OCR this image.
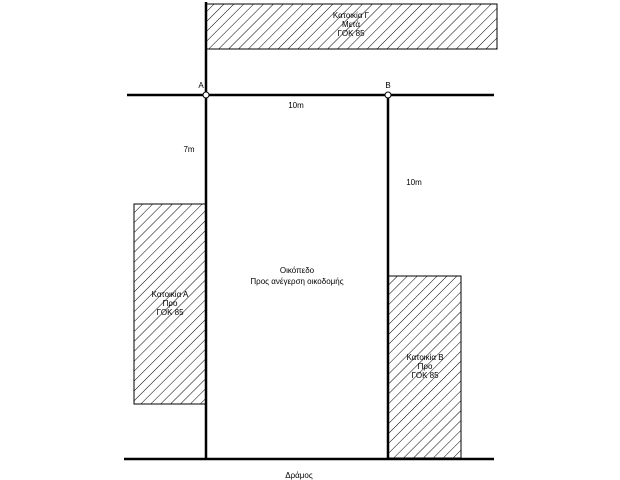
A	B
10m
7m
10m
Κατοικία Γ
Μετά
ΓΟΚ 85
Κατοικία Α
Προ
ΓΟΚ 85
Κατοικία Β
Προ
ΓΟΚ 85
Οικόπεδο
Προς ανέγερση οικοδομής
Δράμος
